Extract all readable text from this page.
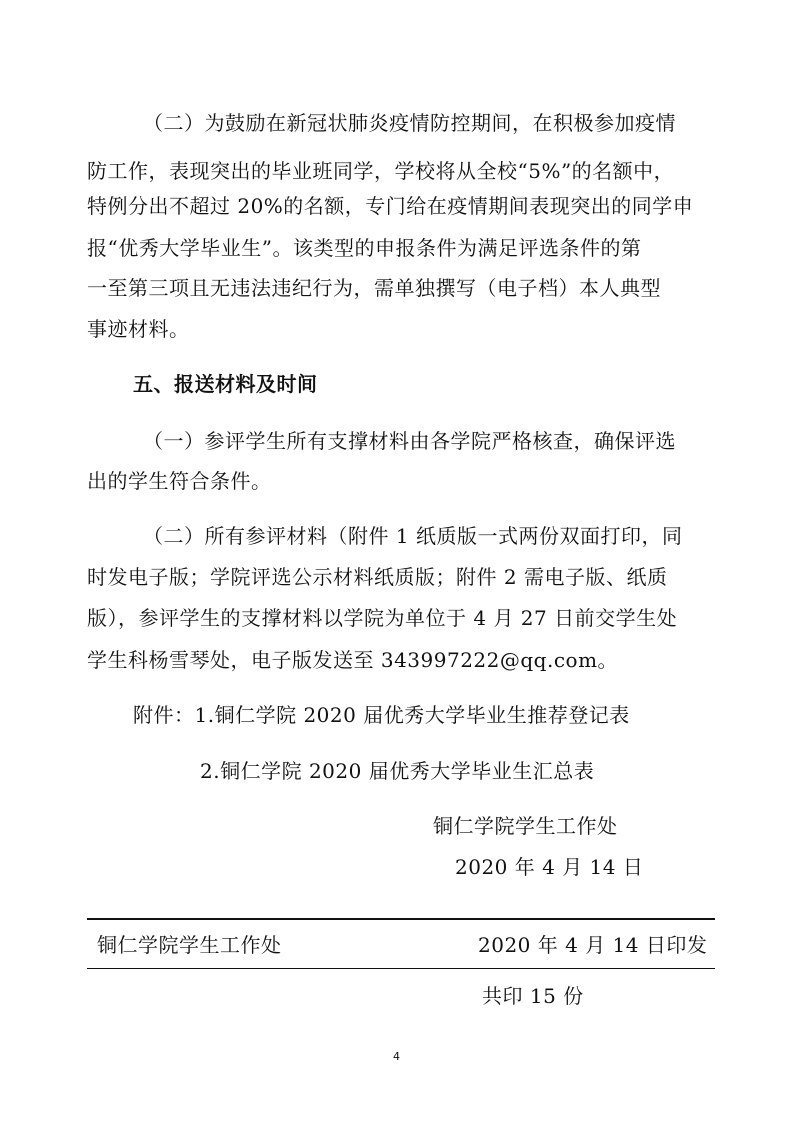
（二）为鼓励在新冠状肺炎疫情防控期间，在积极参加疫情
防工作，表现突出的毕业班同学，学校将从全校“5%”的名额中，
特例分出不超过 20%的名额，专门给在疫情期间表现突出的同学申
报“优秀大学毕业生”。该类型的申报条件为满足评选条件的第
一至第三项且无违法违纪行为，需单独撰写（电子档）本人典型
事迹材料。
五、报送材料及时间
（一）参评学生所有支撑材料由各学院严格核查，确保评选
出的学生符合条件。
（二）所有参评材料（附件 1 纸质版一式两份双面打印，同
时发电子版；学院评选公示材料纸质版；附件 2 需电子版、纸质
版），参评学生的支撑材料以学院为单位于 4 月 27 日前交学生处
学生科杨雪琴处，电子版发送至 343997222@qq.com。
附件：1.铜仁学院 2020 届优秀大学毕业生推荐登记表
2.铜仁学院 2020 届优秀大学毕业生汇总表
铜仁学院学生工作处
2020 年 4 月 14 日
铜仁学院学生工作处	2020 年 4 月 14 日印发
共印 15 份
4
